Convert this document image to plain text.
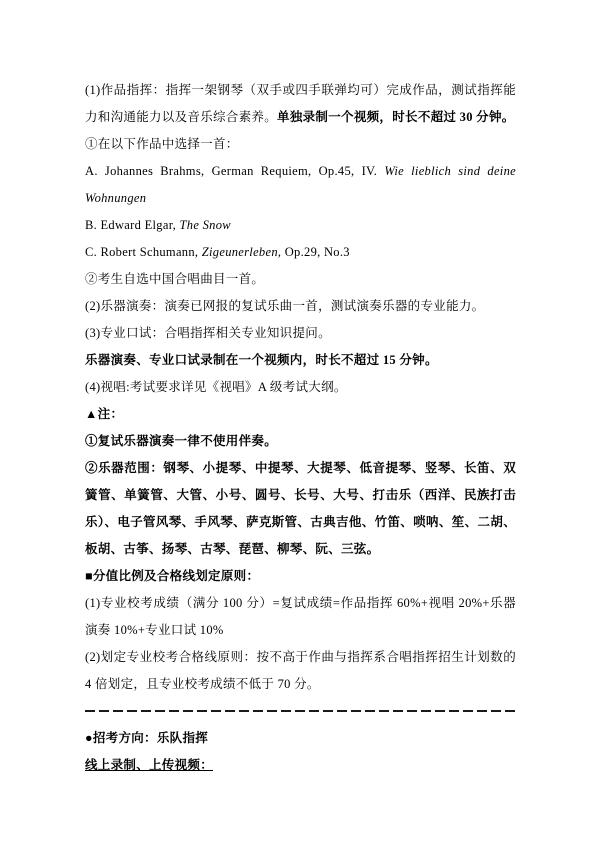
(1)作品指挥：指挥一架钢琴（双手或四手联弹均可）完成作品，测试指挥能力和沟通能力以及音乐综合素养。单独录制一个视频，时长不超过 30 分钟。

①在以下作品中选择一首：

A. Johannes Brahms, German Requiem, Op.45, IV. Wie lieblich sind deine Wohnungen

B. Edward Elgar, The Snow

C. Robert Schumann, Zigeunerleben, Op.29, No.3

②考生自选中国合唱曲目一首。

(2)乐器演奏：演奏已网报的复试乐曲一首，测试演奏乐器的专业能力。

(3)专业口试：合唱指挥相关专业知识提问。

乐器演奏、专业口试录制在一个视频内，时长不超过 15 分钟。

(4)视唱:考试要求详见《视唱》A 级考试大纲。

▲注：

①复试乐器演奏一律不使用伴奏。

②乐器范围：钢琴、小提琴、中提琴、大提琴、低音提琴、竖琴、长笛、双簧管、单簧管、大管、小号、圆号、长号、大号、打击乐（西洋、民族打击乐）、电子管风琴、手风琴、萨克斯管、古典吉他、竹笛、唢呐、笙、二胡、板胡、古筝、扬琴、古琴、琵琶、柳琴、阮、三弦。

■分值比例及合格线划定原则：

(1)专业校考成绩（满分 100 分）=复试成绩=作品指挥 60%+视唱 20%+乐器演奏 10%+专业口试 10%

(2)划定专业校考合格线原则：按不高于作曲与指挥系合唱指挥招生计划数的 4 倍划定，且专业校考成绩不低于 70 分。

●招考方向：乐队指挥

线上录制、上传视频：
